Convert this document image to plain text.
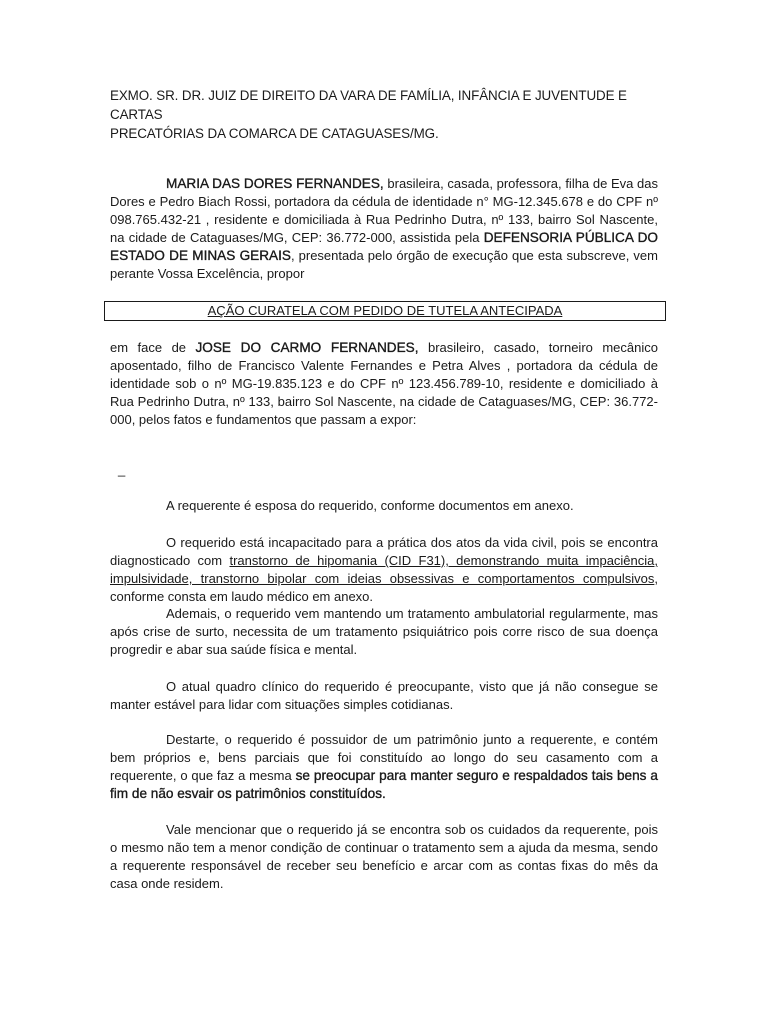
EXMO. SR. DR. JUIZ DE DIREITO DA VARA DE FAMÍLIA, INFÂNCIA E JUVENTUDE E CARTAS
PRECATÓRIAS DA COMARCA DE CATAGUASES/MG.
MARIA DAS DORES FERNANDES, brasileira, casada, professora, filha de Eva das Dores e Pedro Biach Rossi, portadora da cédula de identidade n° MG-12.345.678 e do CPF nº 098.765.432-21 , residente e domiciliada à Rua Pedrinho Dutra, nº 133, bairro Sol Nascente, na cidade de Cataguases/MG, CEP: 36.772-000, assistida pela DEFENSORIA PÚBLICA DO ESTADO DE MINAS GERAIS, presentada pelo órgão de execução que esta subscreve, vem perante Vossa Excelência, propor
AÇÃO CURATELA COM PEDIDO DE TUTELA ANTECIPADA
em face de JOSE DO CARMO FERNANDES, brasileiro, casado, torneiro mecânico aposentado, filho de Francisco Valente Fernandes e Petra Alves , portadora da cédula de identidade sob o nº MG-19.835.123 e do CPF nº 123.456.789-10, residente e domiciliado à Rua Pedrinho Dutra, nº 133, bairro Sol Nascente, na cidade de Cataguases/MG, CEP: 36.772-000, pelos fatos e fundamentos que passam a expor:
_
A requerente é esposa do requerido, conforme documentos em anexo.
O requerido está incapacitado para a prática dos atos da vida civil, pois se encontra diagnosticado com transtorno de hipomania (CID F31), demonstrando muita impaciência, impulsividade, transtorno bipolar com ideias obsessivas e comportamentos compulsivos, conforme consta em laudo médico em anexo.
Ademais, o requerido vem mantendo um tratamento ambulatorial regularmente, mas após crise de surto, necessita de um tratamento psiquiátrico pois corre risco de sua doença progredir e abar sua saúde física e mental.
O atual quadro clínico do requerido é preocupante, visto que já não consegue se manter estável para lidar com situações simples cotidianas.
Destarte, o requerido é possuidor de um patrimônio junto a requerente, e contém bem próprios e, bens parciais que foi constituído ao longo do seu casamento com a requerente, o que faz a mesma se preocupar para manter seguro e respaldados tais bens a fim de não esvair os patrimônios constituídos.
Vale mencionar que o requerido já se encontra sob os cuidados da requerente, pois o mesmo não tem a menor condição de continuar o tratamento sem a ajuda da mesma, sendo a requerente responsável de receber seu benefício e arcar com as contas fixas do mês da casa onde residem.
